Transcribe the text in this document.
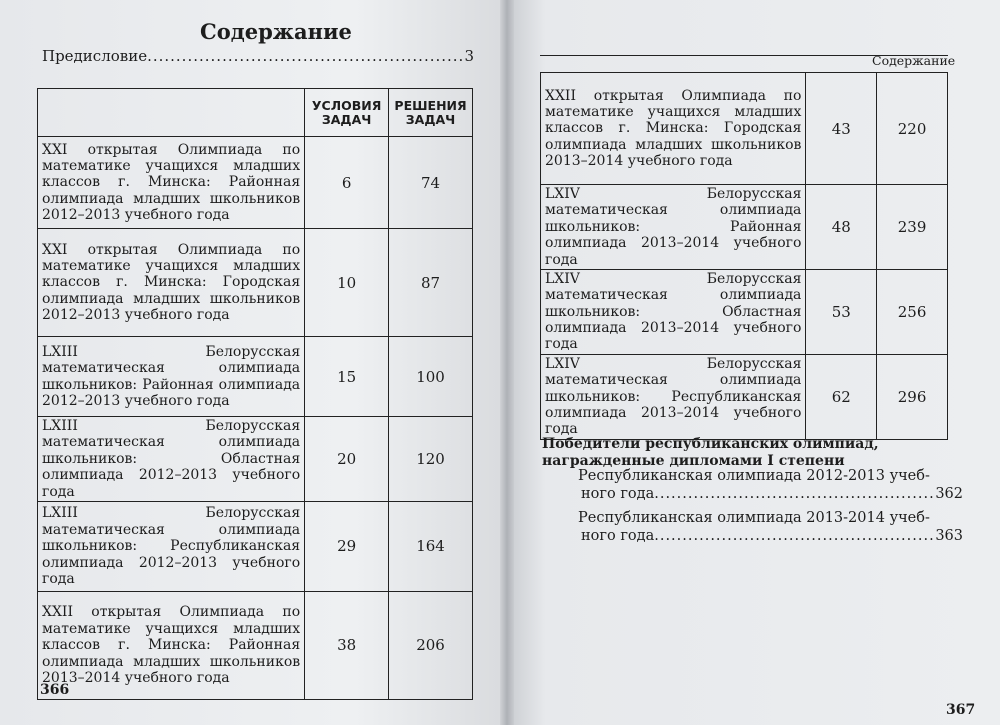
Содержание
Предисловие .....	3
	УСЛОВИЯ ЗАДАЧ	РЕШЕНИЯ ЗАДАЧ
XXI открытая Олимпиада по математике учащихся младших классов г. Минска: Районная олимпиада младших школьников 2012–2013 учебного года	6	74
XXI открытая Олимпиада по математике учащихся младших классов г. Минска: Городская олимпиада младших школьников 2012–2013 учебного года	10	87
LXIII Белорусская математическая олимпиада школьников: Районная олимпиада 2012–2013 учебного года	15	100
LXIII Белорусская математическая олимпиада школьников: Областная олимпиада 2012–2013 учебного года	20	120
LXIII Белорусская математическая олимпиада школьников: Республиканская олимпиада 2012–2013 учебного года	29	164
XXII открытая Олимпиада по математике учащихся младших классов г. Минска: Районная олимпиада младших школьников 2013–2014 учебного года	38	206
366
Содержание
XXII открытая Олимпиада по математике учащихся младших классов г. Минска: Городская олимпиада младших школьников 2013–2014 учебного года	43	220
LXIV Белорусская математическая олимпиада школьников: Районная олимпиада 2013–2014 учебного года	48	239
LXIV Белорусская математическая олимпиада школьников: Областная олимпиада 2013–2014 учебного года	53	256
LXIV Белорусская математическая олимпиада школьников: Республиканская олимпиада 2013–2014 учебного года	62	296
Победители республиканских олимпиад, награжденные дипломами I степени
Республиканская олимпиада 2012-2013 учеб-
ного года .....	362
Республиканская олимпиада 2013-2014 учеб-
ного года .....	363
367
